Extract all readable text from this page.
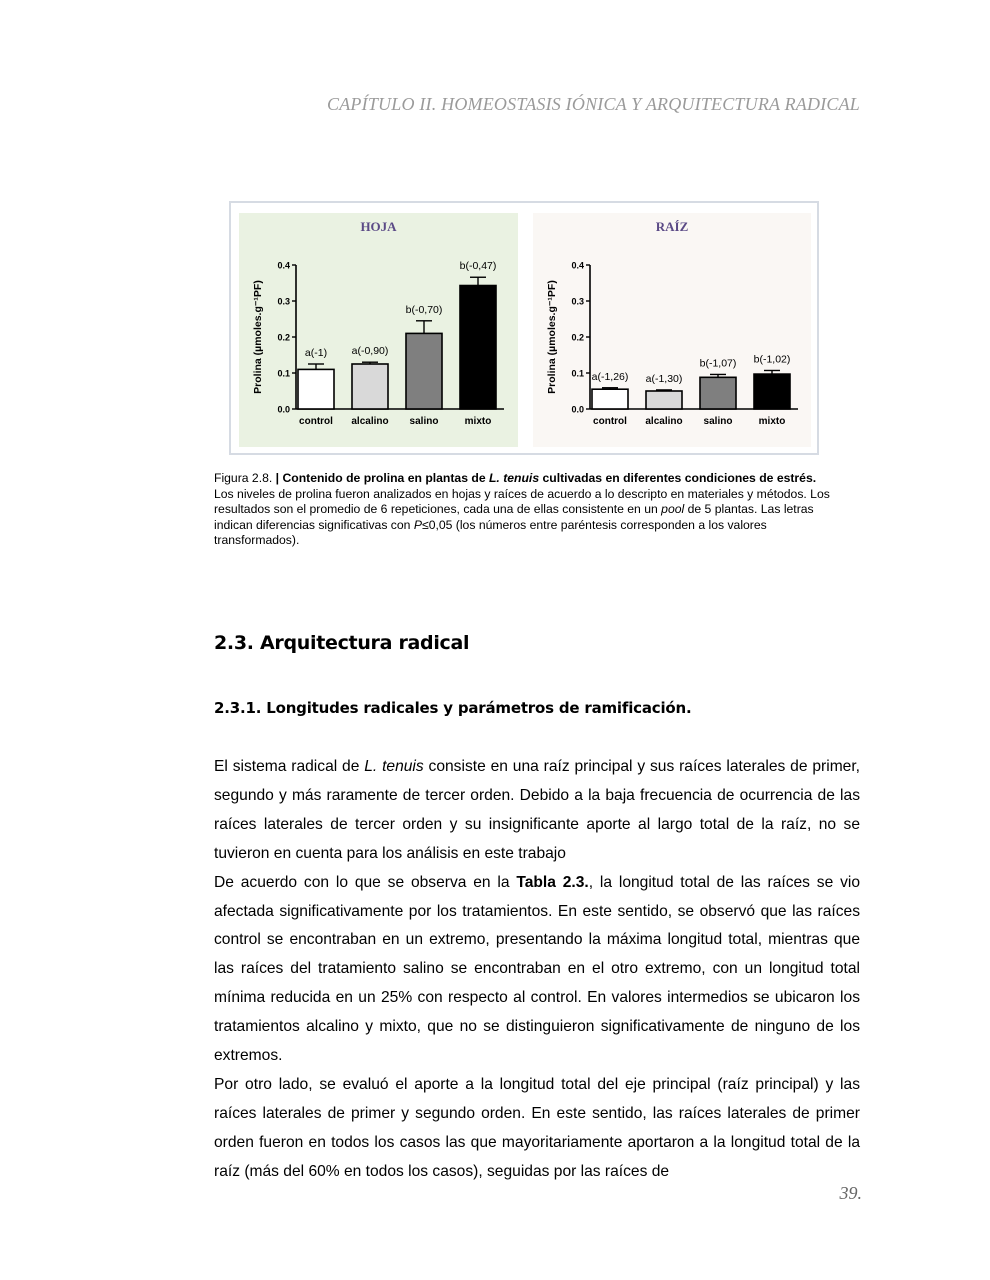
CAPÍTULO II. HOMEOSTASIS IÓNICA Y ARQUITECTURA RADICAL
HOJA
Prolina (µmoles.g⁻¹PF)
0.0
0.1
0.2
0.3
0.4
a(-1)
control
a(-0,90)
alcalino
b(-0,70)
salino
b(-0,47)
mixto
RAÍZ
Prolina (µmoles.g⁻¹PF)
0.0
0.1
0.2
0.3
0.4
a(-1,26)
control
a(-1,30)
alcalino
b(-1,07)
salino
b(-1,02)
mixto
Figura 2.8. | Contenido de prolina en plantas de L. tenuis cultivadas en diferentes condiciones de estrés. Los niveles de prolina fueron analizados en hojas y raíces de acuerdo a lo descripto en materiales y métodos. Los resultados son el promedio de 6 repeticiones, cada una de ellas consistente en un pool de 5 plantas. Las letras indican diferencias significativas con P≤0,05 (los números entre paréntesis corresponden a los valores transformados).
2.3. Arquitectura radical
2.3.1. Longitudes radicales y parámetros de ramificación.

El sistema radical de L. tenuis consiste en una raíz principal y sus raíces laterales de primer, segundo y más raramente de tercer orden. Debido a la baja frecuencia de ocurrencia de las raíces laterales de tercer orden y su insignificante aporte al largo total de la raíz, no se tuvieron en cuenta para los análisis en este trabajo

De acuerdo con lo que se observa en la Tabla 2.3., la longitud total de las raíces se vio afectada significativamente por los tratamientos. En este sentido, se observó que las raíces control se encontraban en un extremo, presentando la máxima longitud total, mientras que las raíces del tratamiento salino se encontraban en el otro extremo, con un longitud total mínima reducida en un 25% con respecto al control. En valores intermedios se ubicaron los tratamientos alcalino y mixto, que no se distinguieron significativamente de ninguno de los extremos.

Por otro lado, se evaluó el aporte a la longitud total del eje principal (raíz principal) y las raíces laterales de primer y segundo orden. En este sentido, las raíces laterales de primer orden fueron en todos los casos las que mayoritariamente aportaron a la longitud total de la raíz (más del 60% en todos los casos), seguidas por las raíces de

39.
